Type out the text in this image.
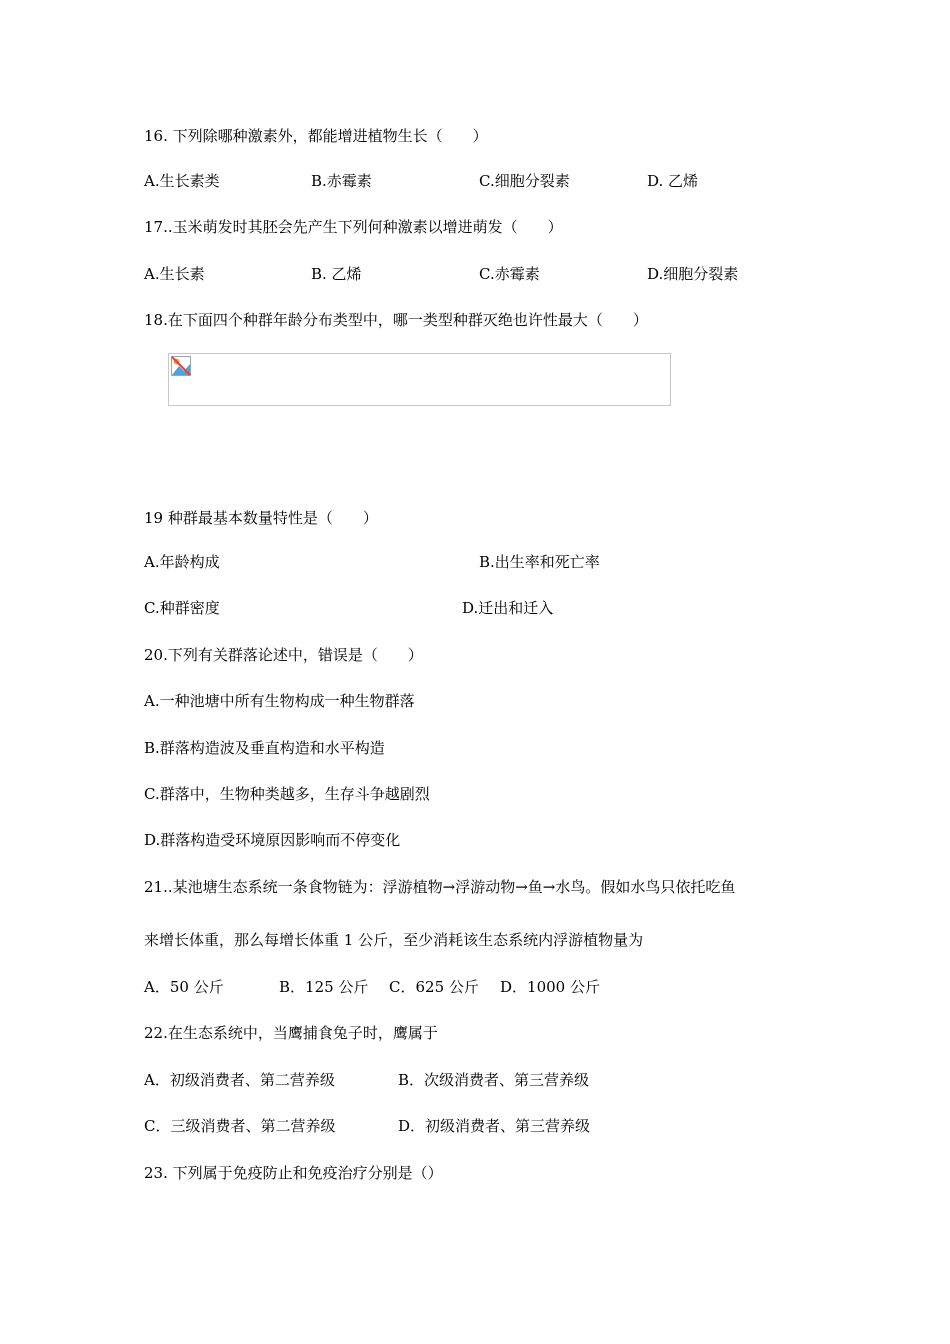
16. 下列除哪种激素外，都能增进植物生长（　　）
A.生长素类	B.赤霉素	C.细胞分裂素	D. 乙烯
17..玉米萌发时其胚会先产生下列何种激素以增进萌发（　　）
A.生长素	B. 乙烯	C.赤霉素	D.细胞分裂素
18.在下面四个种群年龄分布类型中，哪一类型种群灭绝也许性最大（　　）
19 种群最基本数量特性是（　　）
A.年龄构成	B.出生率和死亡率
C.种群密度	D.迁出和迁入
20.下列有关群落论述中，错误是（　　）
A.一种池塘中所有生物构成一种生物群落
B.群落构造波及垂直构造和水平构造
C.群落中，生物种类越多，生存斗争越剧烈
D.群落构造受环境原因影响而不停变化
21..某池塘生态系统一条食物链为：浮游植物→浮游动物→鱼→水鸟。假如水鸟只依托吃鱼
来增长体重，那么每增长体重 1 公斤，至少消耗该生态系统内浮游植物量为
A．50 公斤	B．125 公斤 C．625 公斤 D．1000 公斤
22.在生态系统中，当鹰捕食兔子时，鹰属于
A．初级消费者、第二营养级	B．次级消费者、第三营养级
C．三级消费者、第二营养级	D．初级消费者、第三营养级
23. 下列属于免疫防止和免疫治疗分别是（）
